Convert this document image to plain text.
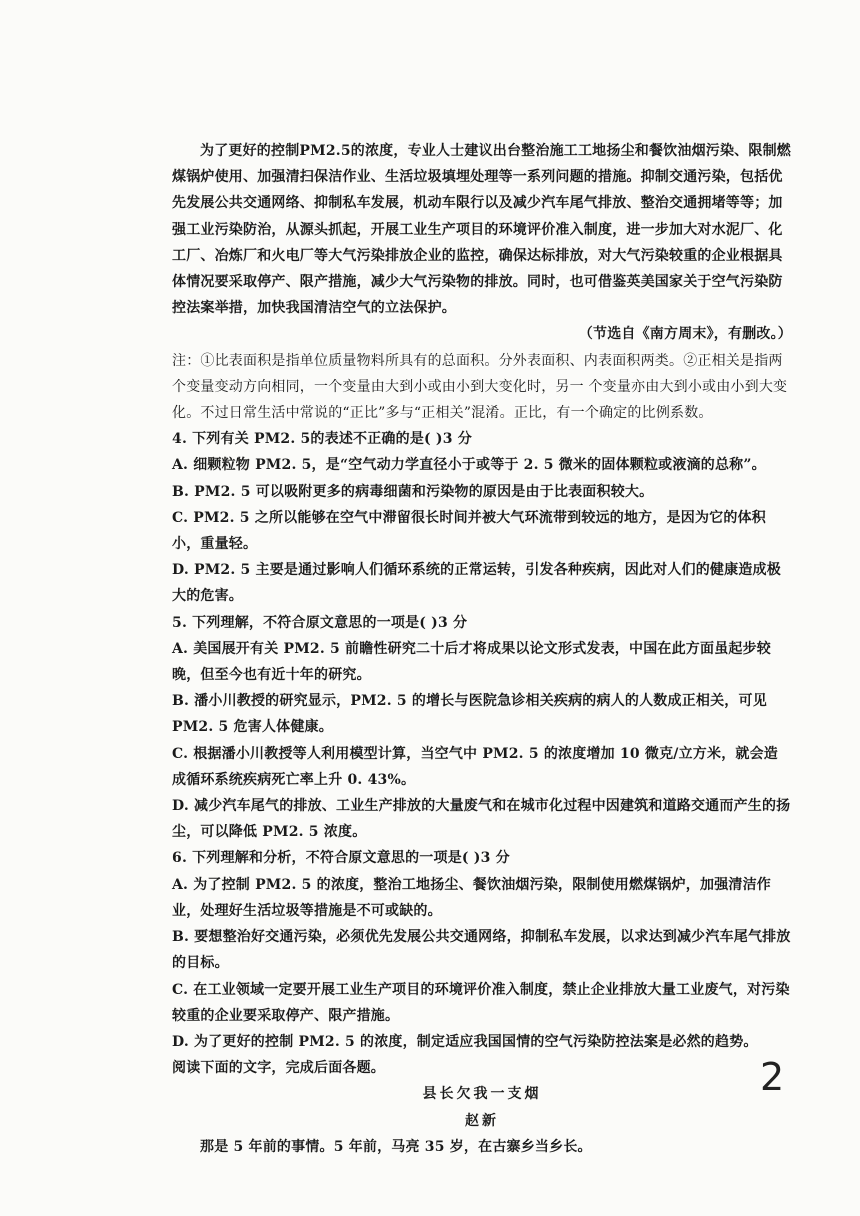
为了更好的控制PM2.5的浓度，专业人士建议出台整治施工工地扬尘和餐饮油烟污染、限制燃煤锅炉使用、加强清扫保洁作业、生活垃圾填埋处理等一系列问题的措施。抑制交通污染，包括优先发展公共交通网络、抑制私车发展，机动车限行以及减少汽车尾气排放、整治交通拥堵等等；加强工业污染防治，从源头抓起，开展工业生产项目的环境评价准入制度，进一步加大对水泥厂、化工厂、冶炼厂和火电厂等大气污染排放企业的监控，确保达标排放，对大气污染较重的企业根据具体情况要采取停产、限产措施，减少大气污染物的排放。同时，也可借鉴英美国家关于空气污染防控法案举措，加快我国清洁空气的立法保护。

（节选自《南方周末》，有删改。）

注：①比表面积是指单位质量物料所具有的总面积。分外表面积、内表面积两类。②正相关是指两个变量变动方向相同，一个变量由大到小或由小到大变化时，另一 个变量亦由大到小或由小到大变化。不过日常生活中常说的“正比”多与“正相关”混淆。正比，有一个确定的比例系数。

4. 下列有关 PM2. 5的表述不正确的是( )3 分

A. 细颗粒物 PM2. 5，是“空气动力学直径小于或等于 2. 5 微米的固体颗粒或液滴的总称”。

B. PM2. 5 可以吸附更多的病毒细菌和污染物的原因是由于比表面积较大。

C. PM2. 5 之所以能够在空气中滞留很长时间并被大气环流带到较远的地方，是因为它的体积小，重量轻。

D. PM2. 5 主要是通过影响人们循环系统的正常运转，引发各种疾病，因此对人们的健康造成极大的危害。

5. 下列理解，不符合原文意思的一项是( )3 分

A. 美国展开有关 PM2. 5 前瞻性研究二十后才将成果以论文形式发表，中国在此方面虽起步较晚，但至今也有近十年的研究。

B. 潘小川教授的研究显示，PM2. 5 的增长与医院急诊相关疾病的病人的人数成正相关，可见 PM2. 5 危害人体健康。

C. 根据潘小川教授等人利用模型计算，当空气中 PM2. 5 的浓度增加 10 微克/立方米，就会造成循环系统疾病死亡率上升 0. 43%。

D. 减少汽车尾气的排放、工业生产排放的大量废气和在城市化过程中因建筑和道路交通而产生的扬尘，可以降低 PM2. 5 浓度。

6. 下列理解和分析，不符合原文意思的一项是( )3 分

A. 为了控制 PM2. 5 的浓度，整治工地扬尘、餐饮油烟污染，限制使用燃煤锅炉，加强清洁作业，处理好生活垃圾等措施是不可或缺的。

B. 要想整治好交通污染，必须优先发展公共交通网络，抑制私车发展，以求达到减少汽车尾气排放的目标。

C. 在工业领域一定要开展工业生产项目的环境评价准入制度，禁止企业排放大量工业废气，对污染较重的企业要采取停产、限产措施。

D. 为了更好的控制 PM2. 5 的浓度，制定适应我国国情的空气污染防控法案是必然的趋势。

阅读下面的文字，完成后面各题。

县长欠我一支烟

赵新

那是 5 年前的事情。5 年前，马亮 35 岁，在古寨乡当乡长。

2
